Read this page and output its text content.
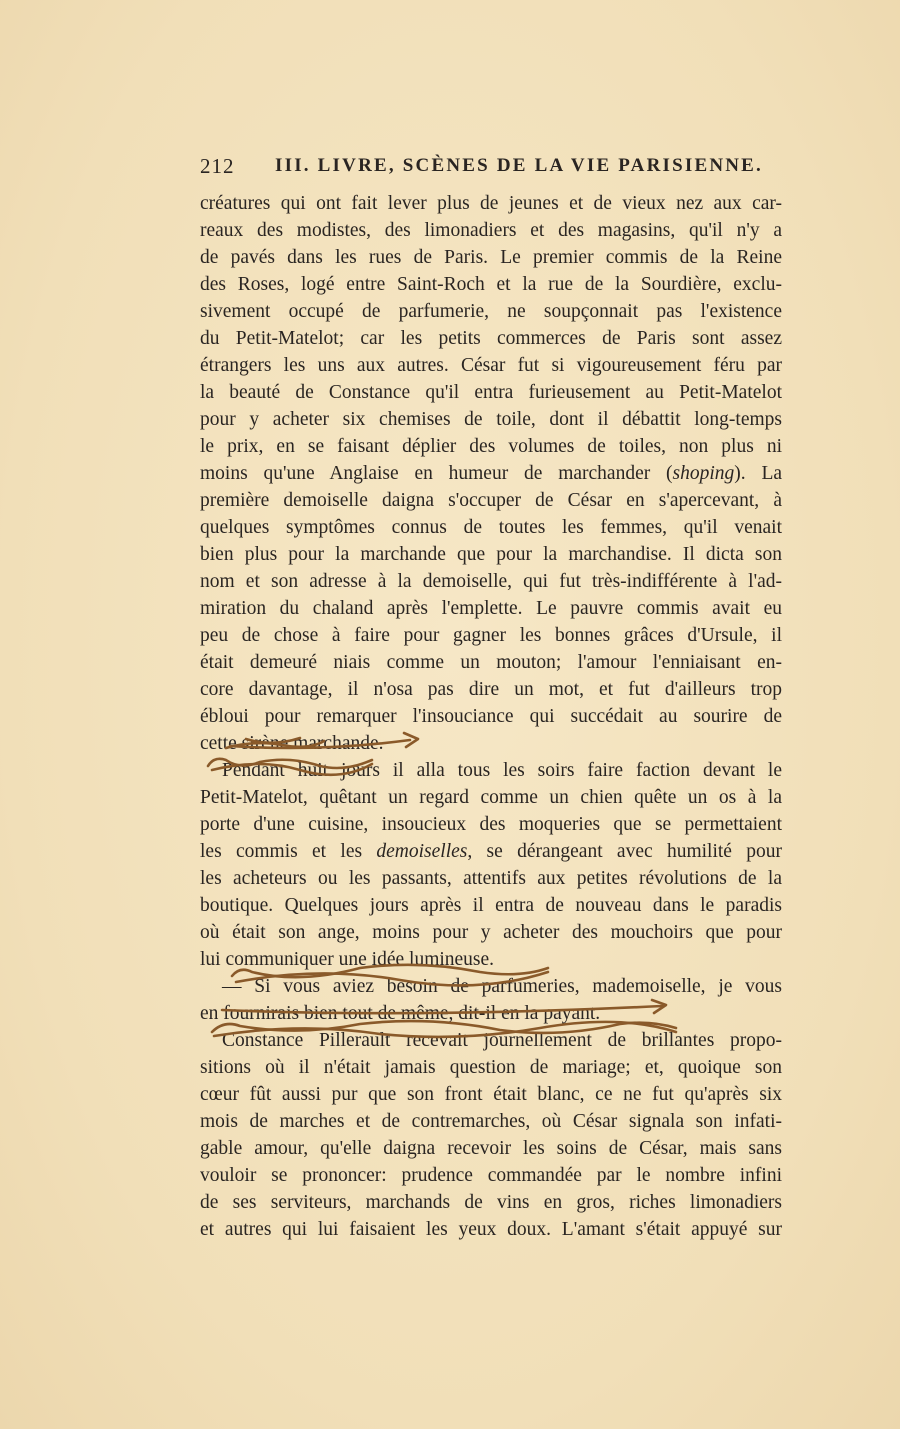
212 III. LIVRE, SCÈNES DE LA VIE PARISIENNE.
créatures qui ont fait lever plus de jeunes et de vieux nez aux car-
reaux des modistes, des limonadiers et des magasins, qu'il n'y a
de pavés dans les rues de Paris. Le premier commis de la Reine
des Roses, logé entre Saint-Roch et la rue de la Sourdière, exclu-
sivement occupé de parfumerie, ne soupçonnait pas l'existence
du Petit-Matelot; car les petits commerces de Paris sont assez
étrangers les uns aux autres. César fut si vigoureusement féru par
la beauté de Constance qu'il entra furieusement au Petit-Matelot
pour y acheter six chemises de toile, dont il débattit long-temps
le prix, en se faisant déplier des volumes de toiles, non plus ni
moins qu'une Anglaise en humeur de marchander (shoping). La
première demoiselle daigna s'occuper de César en s'apercevant, à
quelques symptômes connus de toutes les femmes, qu'il venait
bien plus pour la marchande que pour la marchandise. Il dicta son
nom et son adresse à la demoiselle, qui fut très-indifférente à l'ad-
miration du chaland après l'emplette. Le pauvre commis avait eu
peu de chose à faire pour gagner les bonnes grâces d'Ursule, il
était demeuré niais comme un mouton; l'amour l'enniaisant en-
core davantage, il n'osa pas dire un mot, et fut d'ailleurs trop
ébloui pour remarquer l'insouciance qui succédait au sourire de
cette sirène marchande.
Pendant huit jours il alla tous les soirs faire faction devant le
Petit-Matelot, quêtant un regard comme un chien quête un os à la
porte d'une cuisine, insoucieux des moqueries que se permettaient
les commis et les demoiselles, se dérangeant avec humilité pour
les acheteurs ou les passants, attentifs aux petites révolutions de la
boutique. Quelques jours après il entra de nouveau dans le paradis
où était son ange, moins pour y acheter des mouchoirs que pour
lui communiquer une idée lumineuse.
— Si vous aviez besoin de parfumeries, mademoiselle, je vous
en fournirais bien tout de même, dit-il en la payant.
Constance Pillerault recevait journellement de brillantes propo-
sitions où il n'était jamais question de mariage; et, quoique son
cœur fût aussi pur que son front était blanc, ce ne fut qu'après six
mois de marches et de contremarches, où César signala son infati-
gable amour, qu'elle daigna recevoir les soins de César, mais sans
vouloir se prononcer: prudence commandée par le nombre infini
de ses serviteurs, marchands de vins en gros, riches limonadiers
et autres qui lui faisaient les yeux doux. L'amant s'était appuyé sur
